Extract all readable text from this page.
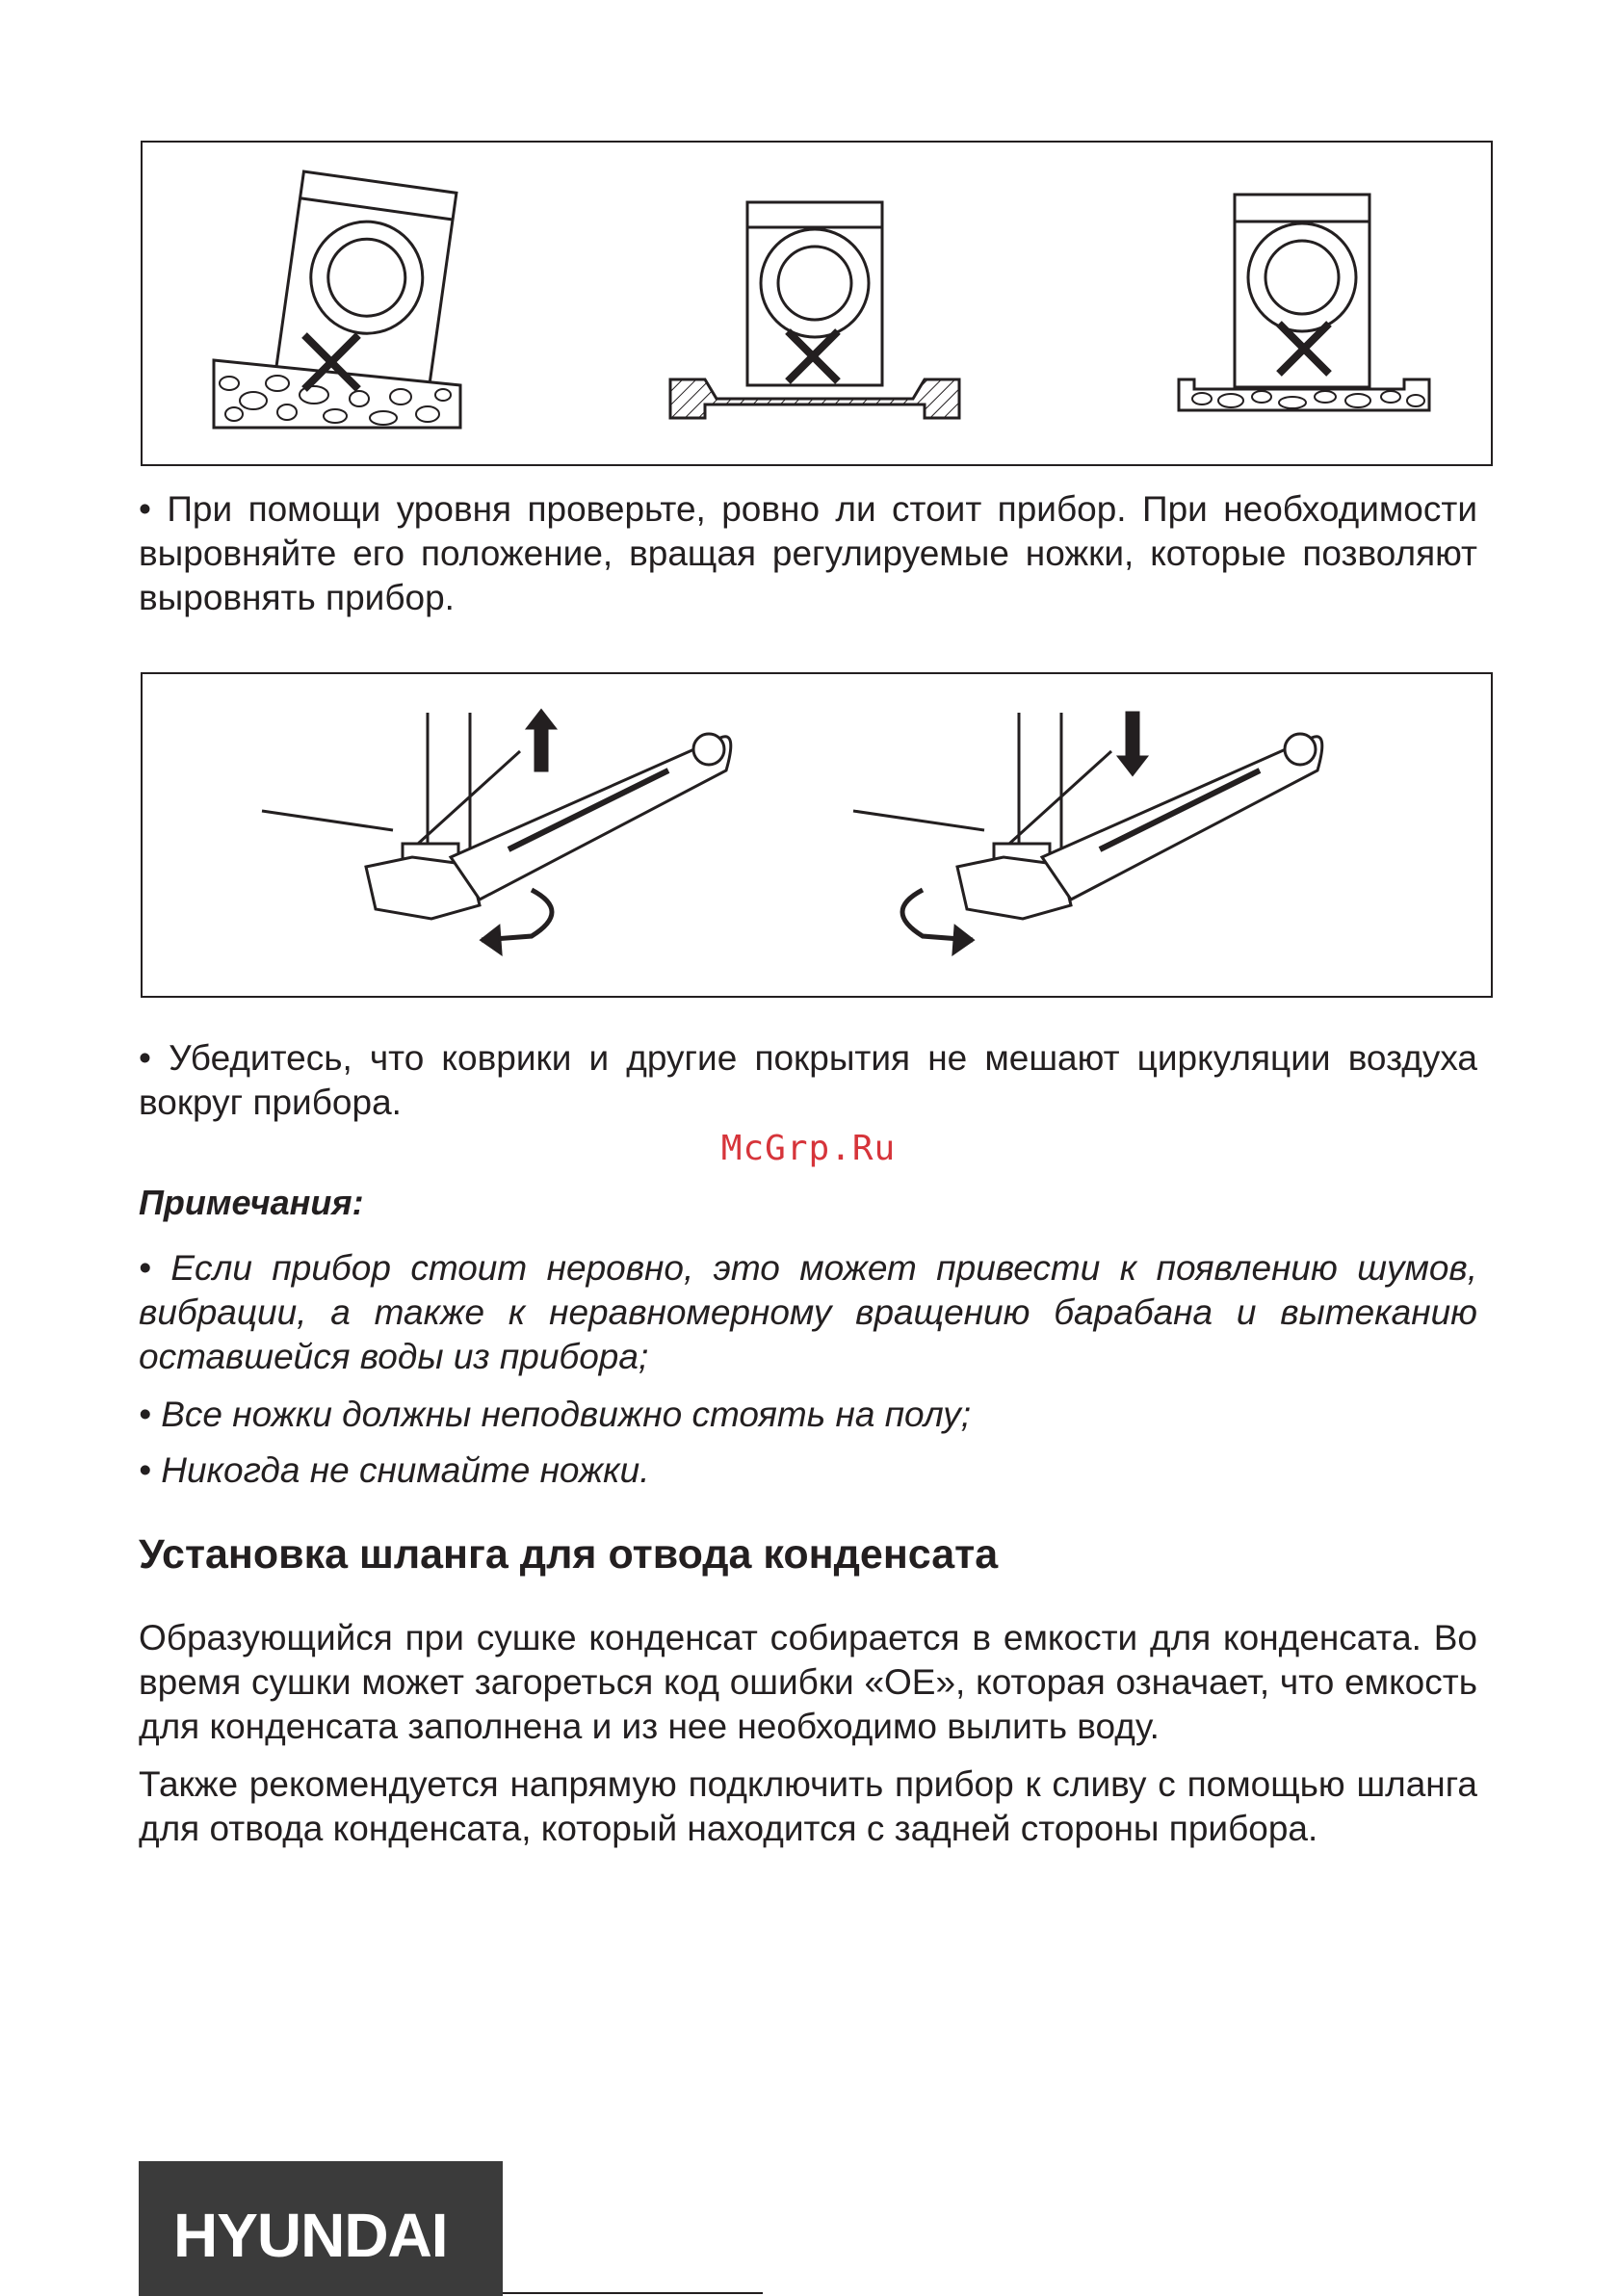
• При помощи уровня проверьте, ровно ли стоит прибор. При необходимости выровняйте его положение, вращая регулируемые ножки, которые позволяют выровнять прибор.

• Убедитесь, что коврики и другие покрытия не мешают циркуляции воздуха вокруг прибора.

McGrp.Ru

Примечания:

• Если прибор стоит неровно, это может привести к появлению шумов, вибрации, а также к неравномерному вращению барабана и вытеканию оставшейся воды из прибора;

• Все ножки должны неподвижно стоять на полу;

• Никогда не снимайте ножки.

Установка шланга для отвода конденсата

Образующийся при сушке конденсат собирается в емкости для конденсата. Во время сушки может загореться код ошибки «ОЕ», которая означает, что емкость для конденсата заполнена и из нее необходимо вылить воду.

Также рекомендуется напрямую подключить прибор к сливу с помощью шланга для отвода конденсата, который находится с задней стороны прибора.

HYUNDAI
